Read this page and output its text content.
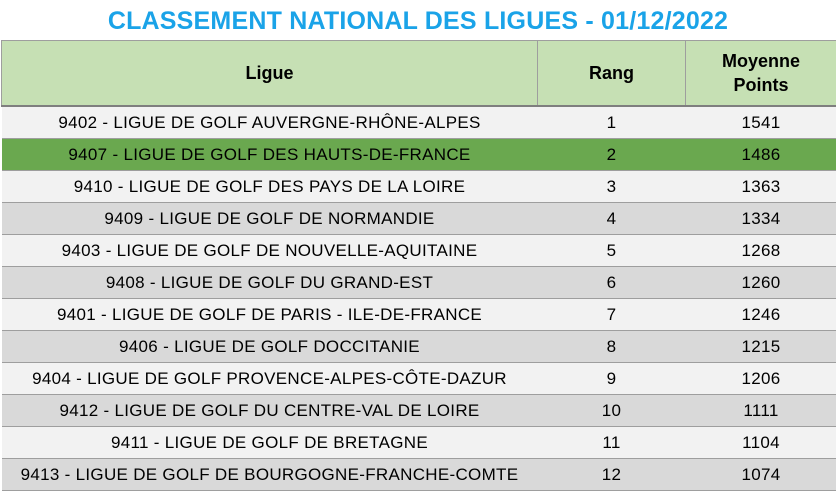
CLASSEMENT NATIONAL DES LIGUES - 01/12/2022
Ligue	Rang	Moyenne
Points
9402 - LIGUE DE GOLF AUVERGNE-RHÔNE-ALPES	1	1541
9407 - LIGUE DE GOLF DES HAUTS-DE-FRANCE	2	1486
9410 - LIGUE DE GOLF DES PAYS DE LA LOIRE	3	1363
9409 - LIGUE DE GOLF DE NORMANDIE	4	1334
9403 - LIGUE DE GOLF DE NOUVELLE-AQUITAINE	5	1268
9408 - LIGUE DE GOLF DU GRAND-EST	6	1260
9401 - LIGUE DE GOLF DE PARIS - ILE-DE-FRANCE	7	1246
9406 - LIGUE DE GOLF DOCCITANIE	8	1215
9404 - LIGUE DE GOLF PROVENCE-ALPES-CÔTE-DAZUR	9	1206
9412 - LIGUE DE GOLF DU CENTRE-VAL DE LOIRE	10	1111
9411 - LIGUE DE GOLF DE BRETAGNE	11	1104
9413 - LIGUE DE GOLF DE BOURGOGNE-FRANCHE-COMTE	12	1074
